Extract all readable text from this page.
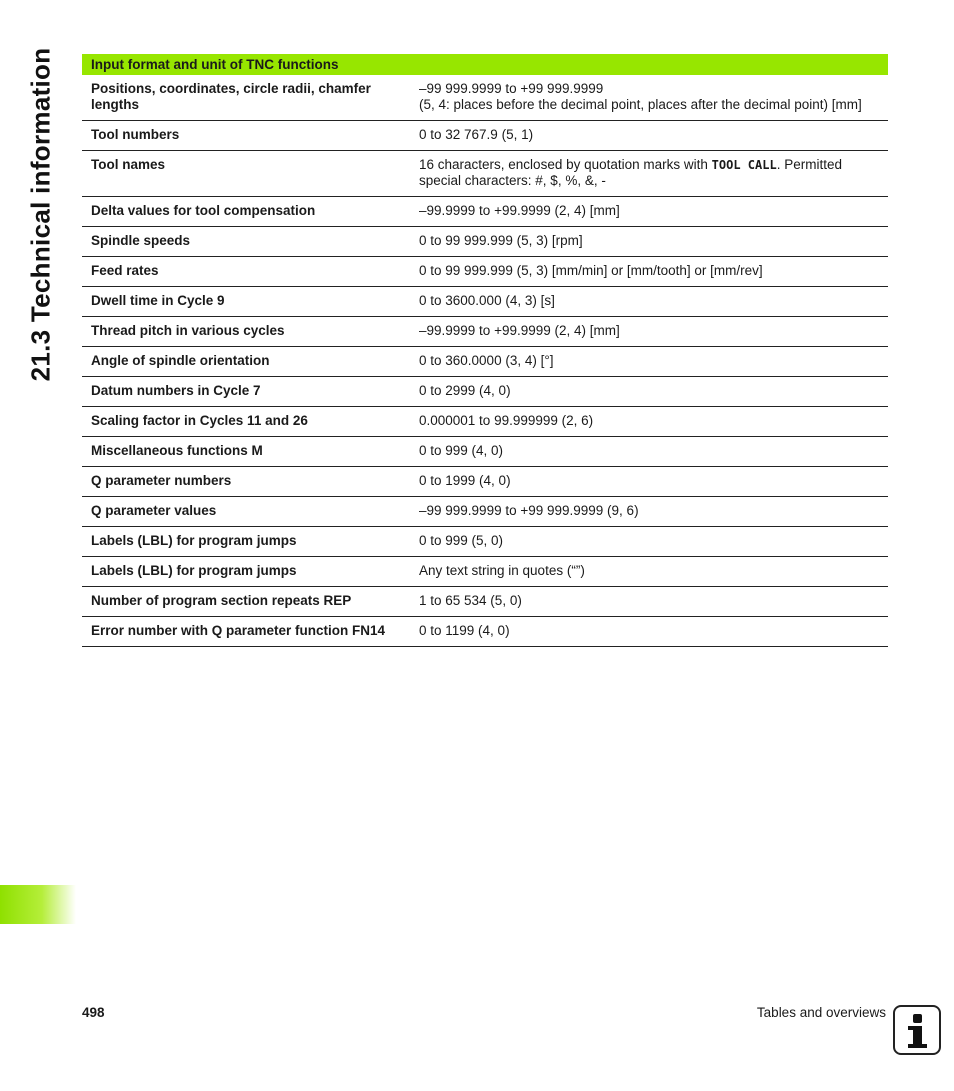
21.3 Technical information	Input format and unit of TNC functions	
Positions, coordinates, circle radii, chamfer lengths	–99 999.9999 to +99 999.9999
(5, 4: places before the decimal point, places after the decimal point) [mm]

Tool numbers	0 to 32 767.9 (5, 1)
Tool names	16 characters, enclosed by quotation marks with TOOL CALL. Permitted special characters: #, $, %, &, -
Delta values for tool compensation	–99.9999 to +99.9999 (2, 4) [mm]
Spindle speeds	0 to 99 999.999 (5, 3) [rpm]
Feed rates	0 to 99 999.999 (5, 3) [mm/min] or [mm/tooth] or [mm/rev]
Dwell time in Cycle 9	0 to 3600.000 (4, 3) [s]
Thread pitch in various cycles	–99.9999 to +99.9999 (2, 4) [mm]
Angle of spindle orientation	0 to 360.0000 (3, 4) [°]
Datum numbers in Cycle 7	0 to 2999 (4, 0)
Scaling factor in Cycles 11 and 26	0.000001 to 99.999999 (2, 6)
Miscellaneous functions M	0 to 999 (4, 0)
Q parameter numbers	0 to 1999 (4, 0)
Q parameter values	–99 999.9999 to +99 999.9999 (9, 6)
Labels (LBL) for program jumps	0 to 999 (5, 0)
Labels (LBL) for program jumps	Any text string in quotes (“”)
Number of program section repeats REP	1 to 65 534 (5, 0)
Error number with Q parameter function FN14	0 to 1199 (4, 0)
498	Tables and overviews
